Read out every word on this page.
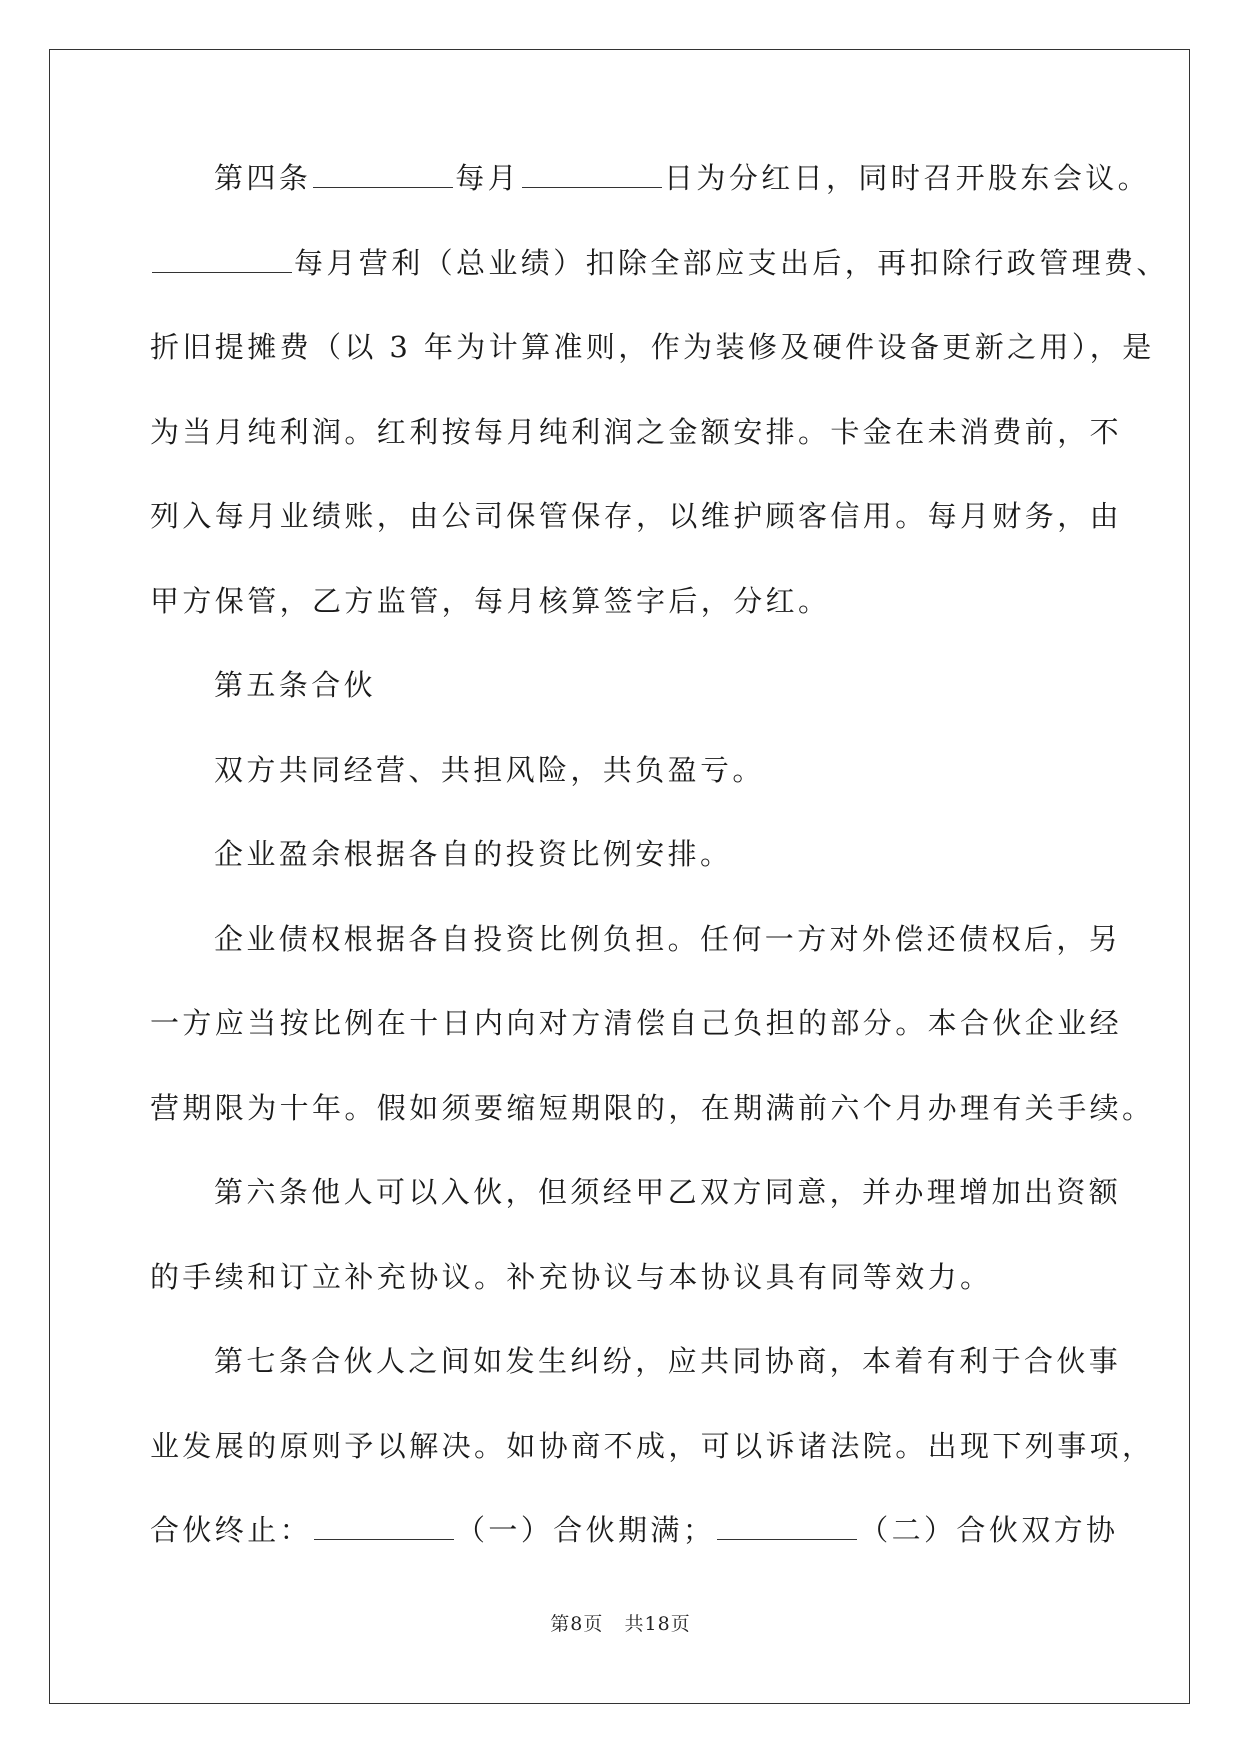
第四条	每月	日为分红日，同时召开股东会议。
每月营利（总业绩）扣除全部应支出后，再扣除行政管理费、
折旧提摊费（以 3 年为计算准则，作为装修及硬件设备更新之用），是
为当月纯利润。红利按每月纯利润之金额安排。卡金在未消费前，不
列入每月业绩账，由公司保管保存，以维护顾客信用。每月财务，由
甲方保管，乙方监管，每月核算签字后，分红。
第五条合伙
双方共同经营、共担风险，共负盈亏。
企业盈余根据各自的投资比例安排。
企业债权根据各自投资比例负担。任何一方对外偿还债权后，另
一方应当按比例在十日内向对方清偿自己负担的部分。本合伙企业经
营期限为十年。假如须要缩短期限的，在期满前六个月办理有关手续。
第六条他人可以入伙，但须经甲乙双方同意，并办理增加出资额
的手续和订立补充协议。补充协议与本协议具有同等效力。
第七条合伙人之间如发生纠纷，应共同协商，本着有利于合伙事
业发展的原则予以解决。如协商不成，可以诉诸法院。出现下列事项，
合伙终止：	（一）合伙期满；	（二）合伙双方协
第8页 共18页
